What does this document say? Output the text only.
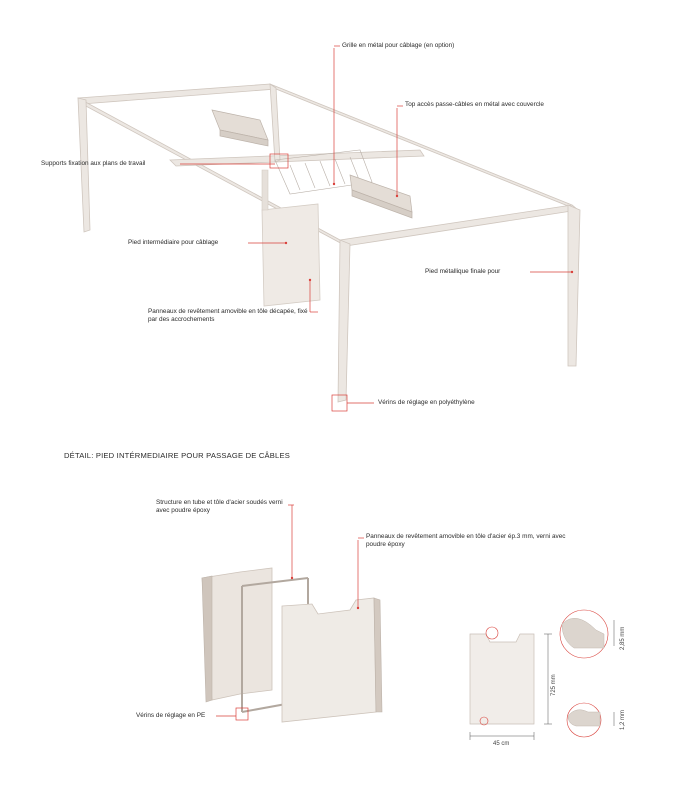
Grille en métal pour câblage (en option)
Top accès passe-câbles en métal avec couvercle
Supports fixation aux plans de travail
Pied intermédiaire pour câblage
Pied métallique finale pour
Panneaux de revêtement amovible en tôle décapée, fixé par des accrochements
Vérins de réglage en polyéthylène
DÉTAIL: PIED INTÉRMEDIAIRE POUR PASSAGE DE CÂBLES
Structure en tube et tôle d'acier soudés verni avec poudre époxy
Panneaux de revêtement amovible en tôle d'acier ép.3 mm, verni avec poudre époxy
Vérins de réglage en PE
45 cm
725 mm
2,85 mm
1,2 mm
